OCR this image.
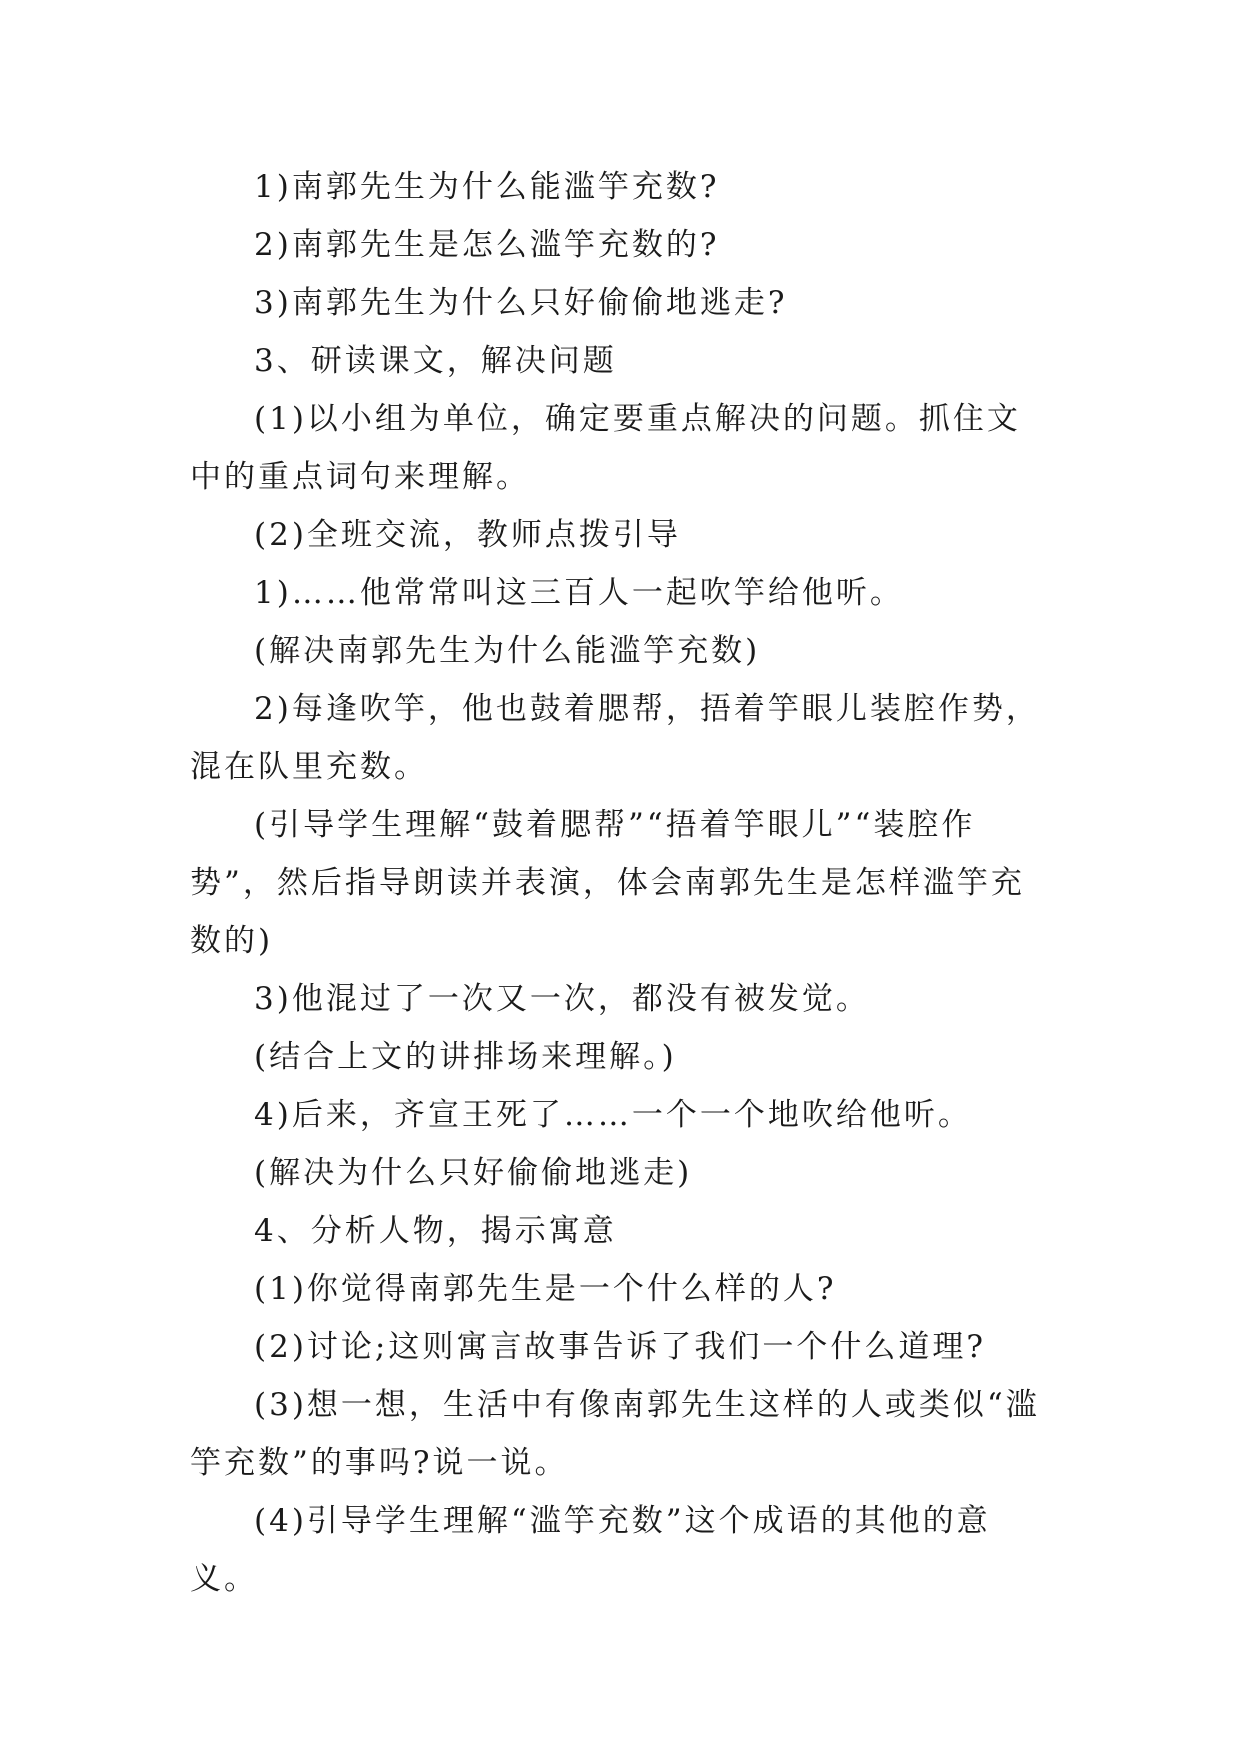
1)南郭先生为什么能滥竽充数?

2)南郭先生是怎么滥竽充数的?

3)南郭先生为什么只好偷偷地逃走?

3、研读课文，解决问题

(1)以小组为单位，确定要重点解决的问题。抓住文中的重点词句来理解。

(2)全班交流，教师点拨引导

1)……他常常叫这三百人一起吹竽给他听。

(解决南郭先生为什么能滥竽充数)

2)每逢吹竽，他也鼓着腮帮，捂着竽眼儿装腔作势，混在队里充数。

(引导学生理解“鼓着腮帮”“捂着竽眼儿”“装腔作势”，然后指导朗读并表演，体会南郭先生是怎样滥竽充数的)

3)他混过了一次又一次，都没有被发觉。

(结合上文的讲排场来理解。)

4)后来，齐宣王死了……一个一个地吹给他听。

(解决为什么只好偷偷地逃走)

4、分析人物，揭示寓意

(1)你觉得南郭先生是一个什么样的人?

(2)讨论;这则寓言故事告诉了我们一个什么道理?

(3)想一想，生活中有像南郭先生这样的人或类似“滥竽充数”的事吗?说一说。

(4)引导学生理解“滥竽充数”这个成语的其他的意义。
